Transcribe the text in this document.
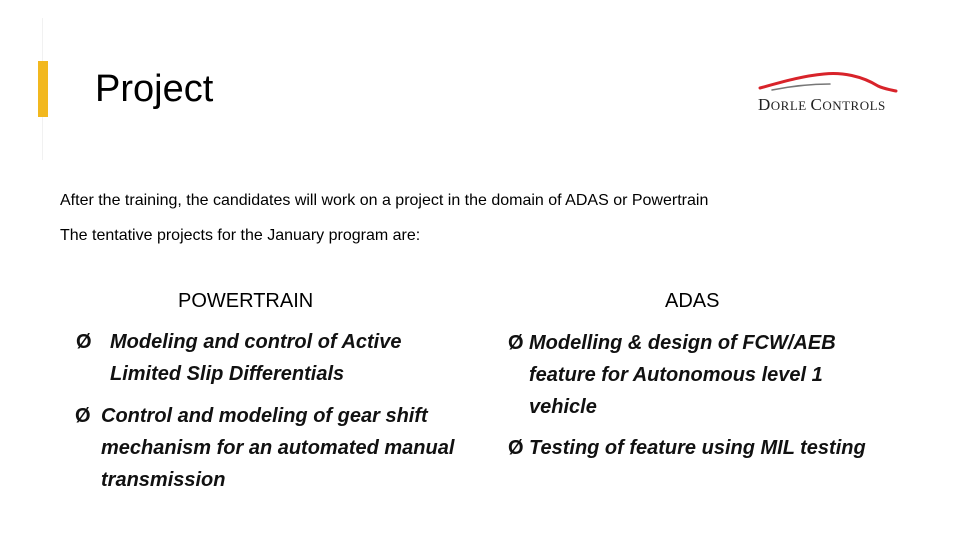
Project	DORLE CONTROLS
After the training, the candidates will work on a project in the domain of ADAS or Powertrain
The tentative projects for the January program are:
POWERTRAIN	ADAS
Ø Modeling and control of Active Limited Slip Differentials
Ø Control and modeling of gear shift mechanism for an automated manual transmission
Ø Modelling & design of FCW/AEB feature for Autonomous level 1 vehicle
Ø Testing of feature using MIL testing
